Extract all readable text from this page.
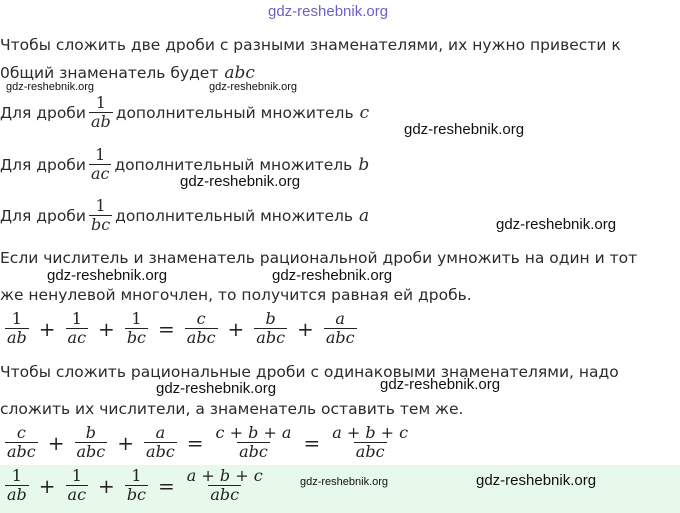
gdz-reshebnik.org
Чтобы сложить две дроби с разными знаменателями, их нужно привести к
0бщий знаменатель будет abc
Для дроби $\frac{1}{ab}$ дополнительный множитель c
Для дроби $\frac{1}{ac}$ дополнительный множитель b
Для дроби $\frac{1}{bc}$ дополнительный множитель a
Если числитель и знаменатель рациональной дроби умножить на один и тот
же ненулевой многочлен, то получится равная ей дробь.
$\frac{1}{ab} + \frac{1}{ac} + \frac{1}{bc} = \frac{c}{\text{abc}} + \frac{b}{\text{abc}} + \frac{a}{\text{abc}}$
Чтобы сложить рациональные дроби с одинаковыми знаменателями, надо
сложить их числители, а знаменатель оставить тем же.
$\frac{c}{\text{abc}} + \frac{b}{\text{abc}} + \frac{a}{\text{abc}} = \frac{c + b + a}{\text{abc}} = \frac{a + b + c}{\text{abc}}$
$\frac{1}{ab} + \frac{1}{ac} + \frac{1}{bc} = \frac{a + b + c}{\text{abc}}$
gdz-reshebnik.org	gdz-reshebnik.org
gdz-reshebnik.org
gdz-reshebnik.org
gdz-reshebnik.org
gdz-reshebnik.org	gdz-reshebnik.org
gdz-reshebnik.org	gdz-reshebnik.org
gdz-reshebnik.org	gdz-reshebnik.org
